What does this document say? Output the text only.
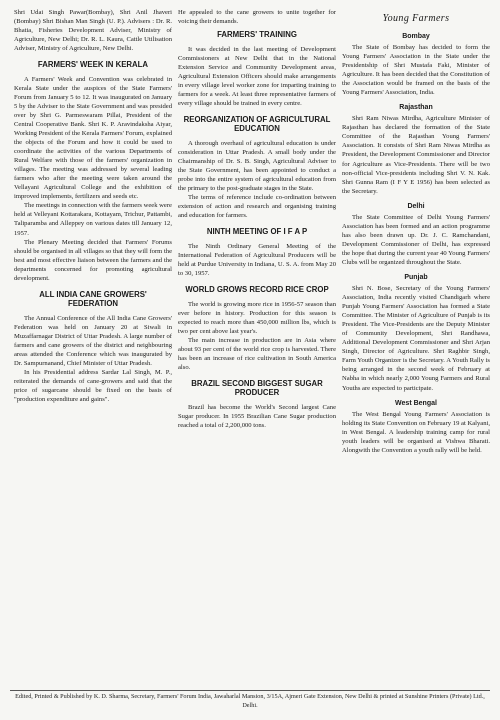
Shri Udai Singh Pawar(Bombay), Shri Anil Jhaveri (Bombay) Shri Bishan Man Singh (U. P.). Advisers : Dr. R. Bhatia, Fisheries Development Adviser, Ministry of Agriculture, New Delhi; Dr. R. L. Kaura, Cattle Utilisation Adviser, Ministry of Agriculture, New Delhi.

FARMERS' WEEK IN KERALA

A Farmers' Week and Convention was celebrated in Kerala State under the auspices of the State Farmers' Forum from January 5 to 12. It was inaugurated on January 5 by the Adviser to the State Government and was presided over by Shri G. Parmeswaram Pillai, President of the Central Cooperative Bank. Shri K. P. Aravindaksha Aiyar, Working President of the Kerala Farmers' Forum, explained the objects of the Forum and how it could be used to coordinate the activities of the various Departments of Rural Welfare with those of the farmers' organization in villages. The meeting was addressed by several leading farmers who after the meeting were taken around the Vellayani Agricultural College and the exhibition of improved implements, fertilizers and seeds etc.

The meetings in connection with the farmers week were held at Velleyani Kottarakara, Kottayam, Trichur, Pattambi, Taliparamba and Alleppey on various dates till January 12, 1957.

The Plenary Meeting decided that Farmers' Forums should be organised in all villages so that they will form the best and most effective liaison between the farmers and the departments concerned for promoting agricultural development.

ALL INDIA CANE GROWERS' FEDERATION

The Annual Conference of the All India Cane Growers' Federation was held on January 20 at Siwali in Muzaffarnagar District of Uttar Pradesh. A large number of farmers and cane growers of the district and neighbouring areas attended the Conference which was inaugurated by Dr. Sampurnanand, Chief Minister of Uttar Pradesh.

In his Presidential address Sardar Lal Singh, M. P., reiterated the demands of cane-growers and said that the price of sugarcane should be fixed on the basis of "production expenditure and gains".

He appealed to the cane growers to unite together for voicing their demands.

FARMERS' TRAINING

It was decided in the last meeting of Development Commissioners at New Delhi that in the National Extension Service and Community Development areas, Agricultural Extension Officers should make arrangements in every village level worker zone for imparting training to farmers for a week. At least three representative farmers of every village should be trained in every centre.

REORGANIZATION OF AGRICULTURAL EDUCATION

A thorough overhaul of agricultural education is under consideration in Uttar Pradesh. A small body under the Chairmanship of Dr. S. B. Singh, Agricultural Adviser to the State Government, has been appointed to conduct a probe into the entire system of agricultural education from the primary to the post-graduate stages in the State.

The terms of reference include co-ordination between extension of action and research and organising training and education for farmers.

NINTH MEETING OF I F A P

The Ninth Ordinary General Meeting of the International Federation of Agricultural Producers will be held at Purdue University in Indiana, U. S. A. from May 20 to 30, 1957.

WORLD GROWS RECORD RICE CROP

The world is growing more rice in 1956-57 season than ever before in history. Production for this season is expected to reach more than 450,000 million lbs, which is two per cent above last year's.

The main increase in production are in Asia where about 93 per cent of the world rice crop is harvested. There has been an increase of rice cultivation in South America also.

BRAZIL SECOND BIGGEST SUGAR PRODUCER

Brazil has become the World's Second largest Cane Sugar producer. In 1955 Brazilian Cane Sugar production reached a total of 2,200,000 tons.

Young Farmers
Bombay

The State of Bombay has decided to form the Young Farmers' Association in the State under the Presidentship of Shri Mustafa Faki, Minister of Agriculture. It has been decided that the Constitution of the Association would be framed on the basis of the Young Farmers' Association, India.

Rajasthan

Shri Ram Niwas Mirdha, Agriculture Minister of Rajasthan has declared the formation of the State Committee of the Rajasthan Young Farmers' Association. It consists of Shri Ram Niwas Mirdha as President, the Development Commissioner and Director for Agriculture as Vice-Presidents. There will be two non-official Vice-presidents including Shri V. N. Kak. Shri Gunna Ram (I F Y E 1956) has been selected as the Secretary.

Delhi

The State Committee of Delhi Young Farmers' Association has been formed and an action programme has also been drawn up. Dr. J. C. Ramchandani, Development Commissioner of Delhi, has expressed the hope that during the current year 40 Young Farmers' Clubs will be organized throughout the State.

Punjab

Shri N. Bose, Secretary of the Young Farmers' Association, India recently visited Chandigarh where Punjab Young Farmers' Association has formed a State Committee. The Minister of Agriculture of Punjab is its President. The Vice-Presidents are the Deputy Minister of Community Development, Shri Randhawa, Additional Development Commissioner and Shri Arjan Singh, Director of Agriculture. Shri Raghbir Singh, Farm Youth Organizer is the Secretary. A Youth Rally is being arranged in the second week of February at Nabha in which nearly 2,000 Young Farmers and Rural Youths are expected to participate.

West Bengal

The West Bengal Young Farmers' Association is holding its State Convention on February 19 at Kalyani, in West Bengal. A leadership training camp for rural youth leaders will be organised at Vishwa Bharati. Alongwith the Convention a youth rally will be held.

Edited, Printed & Published by K. D. Sharma, Secretary, Farmers' Forum India, Jawaharlal Mansion, 3/15A, Ajmeri Gate Extension, New Delhi & printed at Sunshine Printers (Private) Ltd., Delhi.
